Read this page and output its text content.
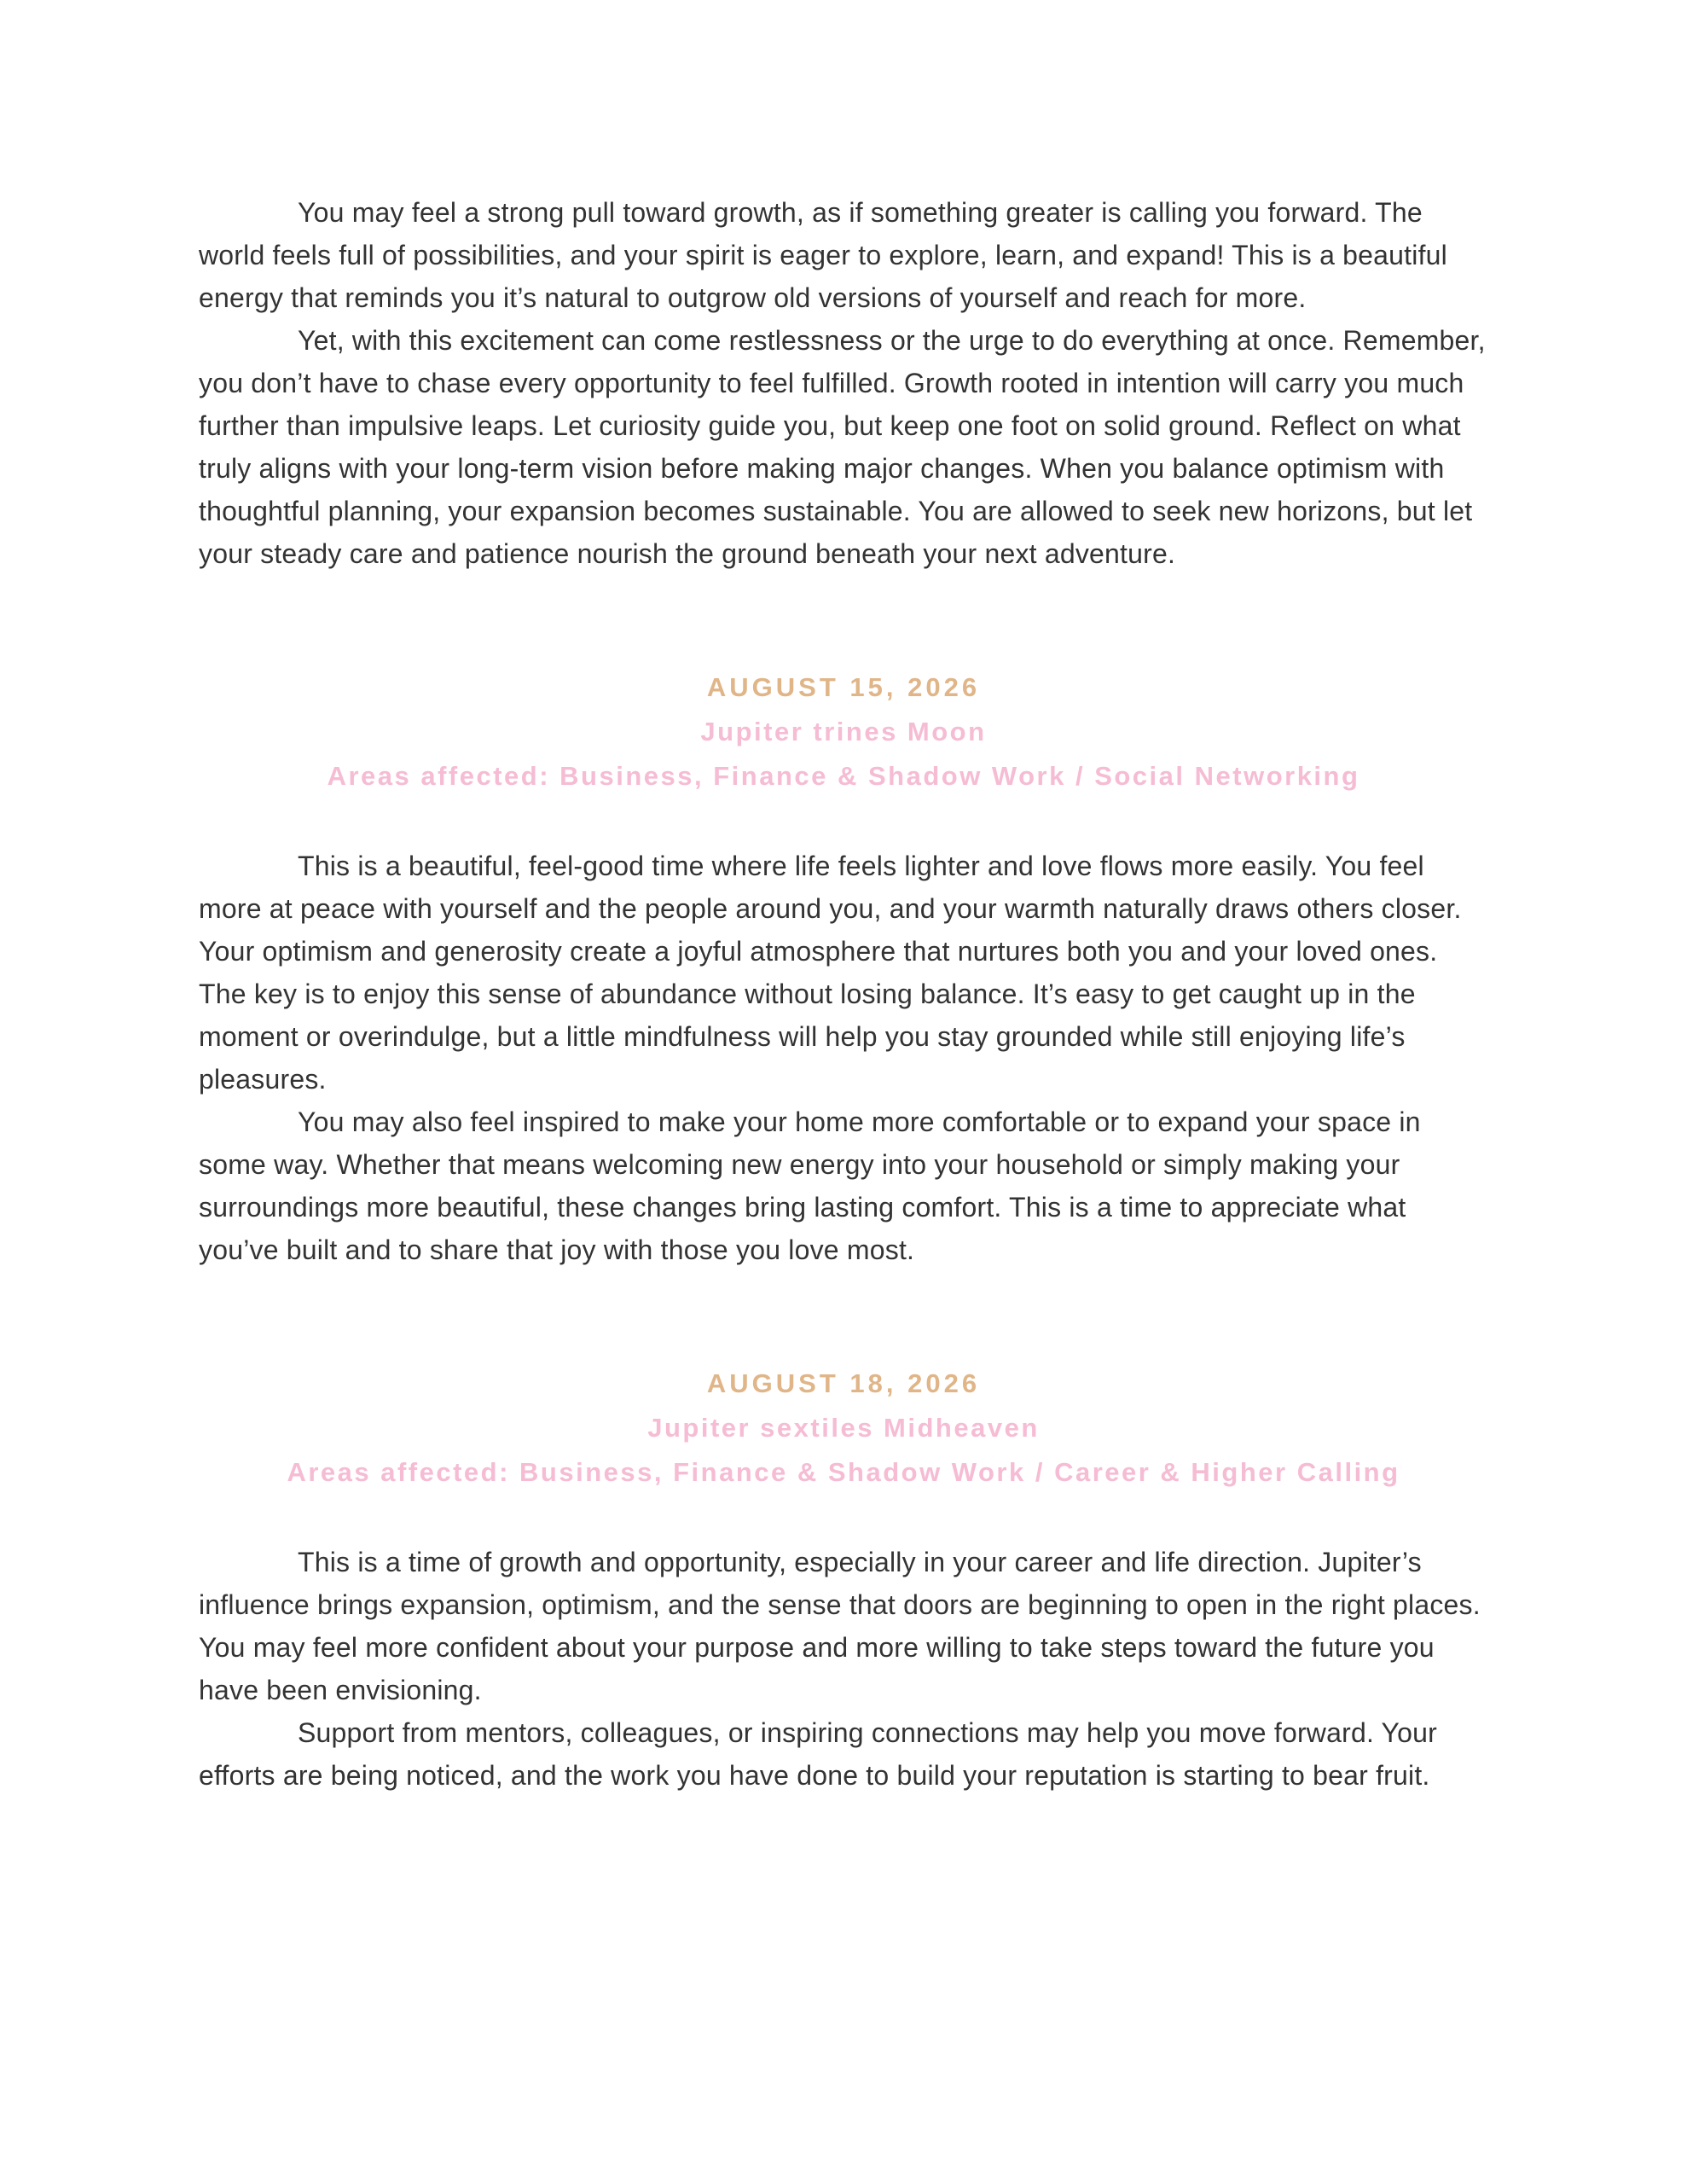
You may feel a strong pull toward growth, as if something greater is calling you forward. The world feels full of possibilities, and your spirit is eager to explore, learn, and expand! This is a beautiful energy that reminds you it’s natural to outgrow old versions of yourself and reach for more.

Yet, with this excitement can come restlessness or the urge to do everything at once. Remember, you don’t have to chase every opportunity to feel fulfilled. Growth rooted in intention will carry you much further than impulsive leaps. Let curiosity guide you, but keep one foot on solid ground. Reflect on what truly aligns with your long-term vision before making major changes. When you balance optimism with thoughtful planning, your expansion becomes sustainable. You are allowed to seek new horizons, but let your steady care and patience nourish the ground beneath your next adventure.

AUGUST 15, 2026
Jupiter trines Moon
Areas affected: Business, Finance & Shadow Work / Social Networking

This is a beautiful, feel-good time where life feels lighter and love flows more easily. You feel more at peace with yourself and the people around you, and your warmth naturally draws others closer. Your optimism and generosity create a joyful atmosphere that nurtures both you and your loved ones. The key is to enjoy this sense of abundance without losing balance. It’s easy to get caught up in the moment or overindulge, but a little mindfulness will help you stay grounded while still enjoying life’s pleasures.

You may also feel inspired to make your home more comfortable or to expand your space in some way. Whether that means welcoming new energy into your household or simply making your surroundings more beautiful, these changes bring lasting comfort. This is a time to appreciate what you’ve built and to share that joy with those you love most.

AUGUST 18, 2026
Jupiter sextiles Midheaven
Areas affected: Business, Finance & Shadow Work / Career & Higher Calling

This is a time of growth and opportunity, especially in your career and life direction. Jupiter’s influence brings expansion, optimism, and the sense that doors are beginning to open in the right places. You may feel more confident about your purpose and more willing to take steps toward the future you have been envisioning.

Support from mentors, colleagues, or inspiring connections may help you move forward. Your efforts are being noticed, and the work you have done to build your reputation is starting to bear fruit.
